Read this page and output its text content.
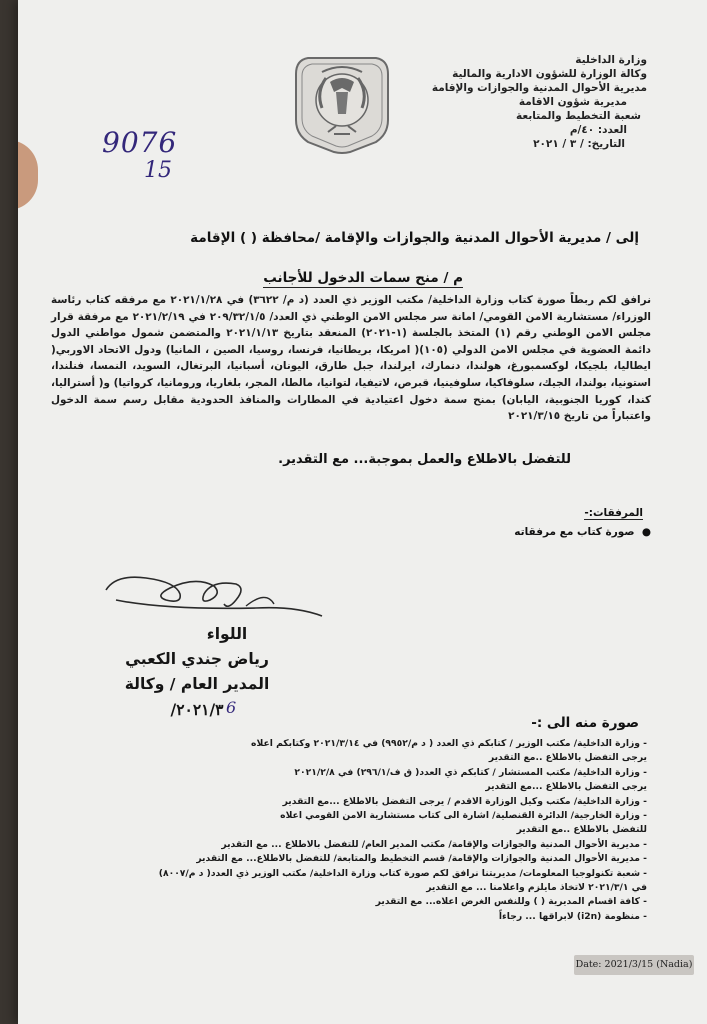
وزارة الداخلية
وكالة الوزارة للشؤون الادارية والمالية
مديرية الأحوال المدنية والجوازات والإقامة
مديرية شؤون الاقامة
شعبة التخطيط والمتابعة
العدد: ٤٠/م
التاريخ: / ٣ / ٢٠٢١
9076
15
إلى / مديرية الأحوال المدنية والجوازات والإقامة /محافظة ( ) الإقامة
م / منح سمات الدخول للأجانب
نرافق لكم ربطاً صورة كتاب وزارة الداخلية/ مكتب الوزير ذي العدد (د م/ ٣٦٢٢) في ٢٠٢١/١/٢٨ مع مرفقه كتاب رئاسة الوزراء/ مستشارية الامن القومي/ امانة سر مجلس الامن الوطني ذي العدد/ ٢٠٩/٣٢/١/٥ في ٢٠٢١/٢/١٩ مع مرفقة قرار مجلس الامن الوطني رقم (١) المتخذ بالجلسة (١-٢٠٢١) المنعقد بتاريخ ٢٠٢١/١/١٣ والمتضمن شمول مواطني الدول دائمة العضوية في مجلس الامن الدولي (١٠٥)( امريكا، بريطانيا، فرنسا، روسيا، الصين ، المانيا) ودول الاتحاد الاوربي( ايطاليا، بلجيكا، لوكسمبورغ، هولندا، دنمارك، ايرلندا، جبل طارق، اليونان، أسبانيا، البرتغال، السويد، النمسا، فنلندا، استونيا، بولندا، الجيك، سلوفاكيا، سلوفينيا، قبرص، لاتيفيا، لتوانيا، مالطا، المجر، بلغاريا، ورومانيا، كرواتيا) و( أستراليا، كندا، كوريا الجنوبية، اليابان) بمنح سمة دخول اعتيادية في المطارات والمنافذ الحدودية مقابل رسم سمة الدخول واعتباراً من تاريخ ٢٠٢١/٣/١٥
للتفضل بالاطلاع والعمل بموجبة... مع التقدير.
المرفقات:-
●  صورة كتاب مع مرفقاته
اللواء
رياض جندي الكعبي
المدير العام / وكالة
٢٠٢١/٣/ 6
صورة منه الى :-
- وزارة الداخلية/ مكتب الوزير / كتابكم ذي العدد ( د م/٩٩٥٢) في ٢٠٢١/٣/١٤ وكتابكم اعلاه
يرجى التفضل بالاطلاع ..مع التقدير
- وزارة الداخلية/ مكتب المستشار / كتابكم ذي العدد( ق ف/٢٩٦/١) في ٢٠٢١/٢/٨
يرجى التفضل بالاطلاع ...مع التقدير
- وزارة الداخلية/ مكتب وكيل الوزارة الاقدم / يرجى التفضل بالاطلاع ...مع التقدير
- وزارة الخارجية/ الدائرة القنصلية/ اشارة الى كتاب مستشارية الامن القومي اعلاه
للتفضل بالاطلاع ..مع التقدير
- مديرية الأحوال المدنية والجوازات والإقامة/ مكتب المدير العام/ للتفضل بالاطلاع ... مع التقدير
- مديرية الأحوال المدنية والجوازات والإقامة/ قسم التخطيط والمتابعة/ للتفضل بالاطلاع... مع التقدير
- شعبة تكنولوجيا المعلومات/ مديريتنا نرافق لكم صورة كتاب وزارة الداخلية/ مكتب الوزير ذي العدد( د م/٨٠٠٧)
في ٢٠٢١/٣/١ لاتخاذ مايلزم واعلامنا ... مع التقدير
- كافة اقسام المديرية ( ) وللنفس الغرض اعلاه... مع التقدير
- منظومة (i2n) لابراقها ... رجاءاً
Date: 2021/3/15 (Nadia)
